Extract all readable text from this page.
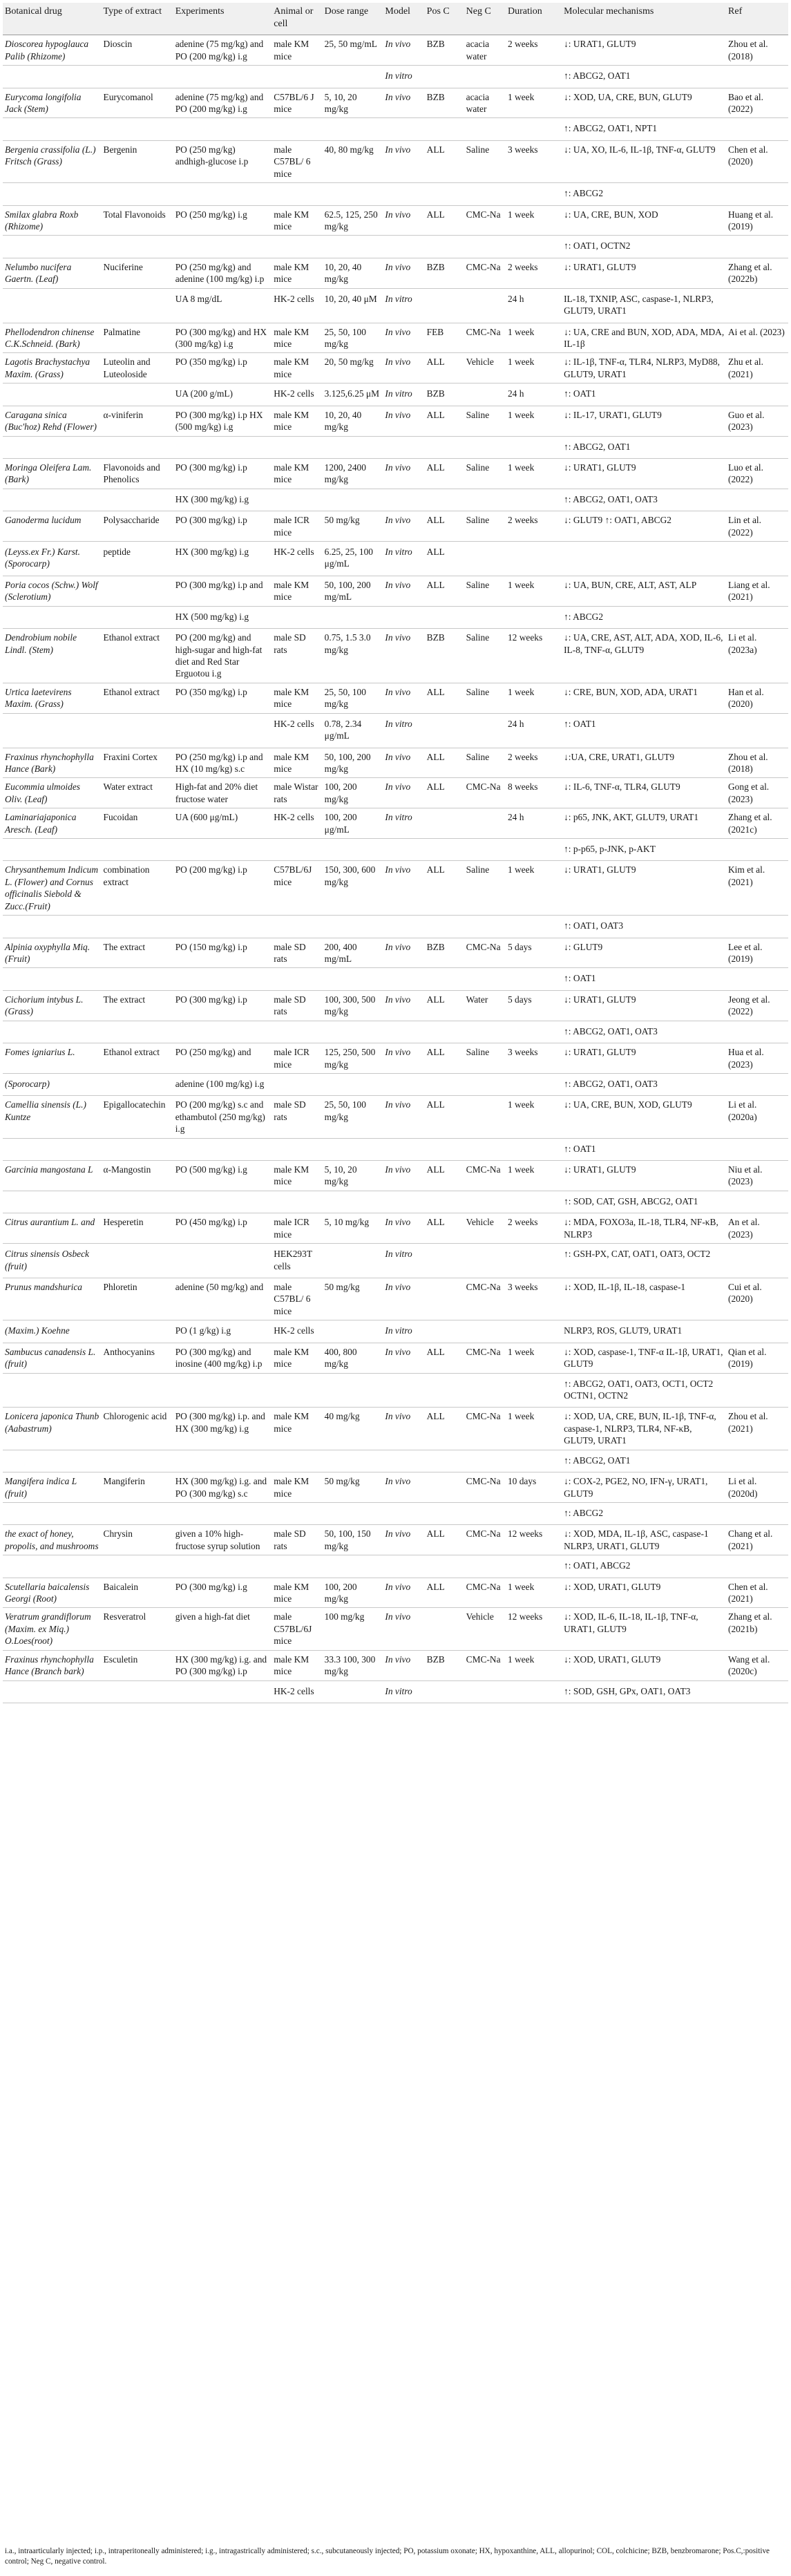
Botanical drug	Type of extract	Experiments	Animal or cell	Dose range	Model	Pos C	Neg C	Duration	Molecular mechanisms	Ref
Dioscorea hypoglauca Palib (Rhizome)	Dioscin	adenine (75 mg/kg) and PO (200 mg/kg) i.g	male KM mice	25, 50 mg/mL	In vivo	BZB	acacia water	2 weeks	↓: URAT1, GLUT9	Zhou et al. (2018)
					In vitro				↑: ABCG2, OAT1	
Eurycoma longifolia Jack (Stem)	Eurycomanol	adenine (75 mg/kg) and PO (200 mg/kg) i.g	C57BL/6 J mice	5, 10, 20 mg/kg	In vivo	BZB	acacia water	1 week	↓: XOD, UA, CRE, BUN, GLUT9	Bao et al. (2022)
									↑: ABCG2, OAT1, NPT1	
Bergenia crassifolia (L.) Fritsch (Grass)	Bergenin	PO (250 mg/kg) andhigh-glucose i.p	male C57BL/ 6 mice	40, 80 mg/kg	In vivo	ALL	Saline	3 weeks	↓: UA, XO, IL-6, IL-1β, TNF-α, GLUT9	Chen et al. (2020)
									↑: ABCG2	
Smilax glabra Roxb (Rhizome)	Total Flavonoids	PO (250 mg/kg) i.g	male KM mice	62.5, 125, 250 mg/kg	In vivo	ALL	CMC-Na	1 week	↓: UA, CRE, BUN, XOD	Huang et al. (2019)
									↑: OAT1, OCTN2	
Nelumbo nucifera Gaertn. (Leaf)	Nuciferine	PO (250 mg/kg) and adenine (100 mg/kg) i.p	male KM mice	10, 20, 40 mg/kg	In vivo	BZB	CMC-Na	2 weeks	↓: URAT1, GLUT9	Zhang et al. (2022b)
		UA 8 mg/dL	HK-2 cells	10, 20, 40 μM	In vitro			24 h	IL-18, TXNIP, ASC, caspase-1, NLRP3, GLUT9, URAT1	
Phellodendron chinense C.K.Schneid. (Bark)	Palmatine	PO (300 mg/kg) and HX (300 mg/kg) i.g	male KM mice	25, 50, 100 mg/kg	In vivo	FEB	CMC-Na	1 week	↓: UA, CRE and BUN, XOD, ADA, MDA, IL-1β	Ai et al. (2023)
Lagotis Brachystachya Maxim. (Grass)	Luteolin and Luteoloside	PO (350 mg/kg) i.p	male KM mice	20, 50 mg/kg	In vivo	ALL	Vehicle	1 week	↓: IL-1β, TNF-α, TLR4, NLRP3, MyD88, GLUT9, URAT1	Zhu et al. (2021)
		UA (200 g/mL)	HK-2 cells	3.125,6.25 μM	In vitro	BZB		24 h	↑: OAT1	
Caragana sinica (Buc'hoz) Rehd (Flower)	α-viniferin	PO (300 mg/kg) i.p HX (500 mg/kg) i.g	male KM mice	10, 20, 40 mg/kg	In vivo	ALL	Saline	1 week	↓: IL-17, URAT1, GLUT9	Guo et al. (2023)
									↑: ABCG2, OAT1	
Moringa Oleifera Lam. (Bark)	Flavonoids and Phenolics	PO (300 mg/kg) i.p	male KM mice	1200, 2400 mg/kg	In vivo	ALL	Saline	1 week	↓: URAT1, GLUT9	Luo et al. (2022)
		HX (300 mg/kg) i.g							↑: ABCG2, OAT1, OAT3	
Ganoderma lucidum	Polysaccharide	PO (300 mg/kg) i.p	male ICR mice	50 mg/kg	In vivo	ALL	Saline	2 weeks	↓: GLUT9 ↑: OAT1, ABCG2	Lin et al. (2022)
(Leyss.ex Fr.) Karst. (Sporocarp)	peptide	HX (300 mg/kg) i.g	HK-2 cells	6.25, 25, 100 μg/mL	In vitro	ALL				
Poria cocos (Schw.) Wolf (Sclerotium)		PO (300 mg/kg) i.p and	male KM mice	50, 100, 200 mg/mL	In vivo	ALL	Saline	1 week	↓: UA, BUN, CRE, ALT, AST, ALP	Liang et al. (2021)
		HX (500 mg/kg) i.g							↑: ABCG2	
Dendrobium nobile Lindl. (Stem)	Ethanol extract	PO (200 mg/kg) and high-sugar and high-fat diet and Red Star Erguotou i.g	male SD rats	0.75, 1.5 3.0 mg/kg	In vivo	BZB	Saline	12 weeks	↓: UA, CRE, AST, ALT, ADA, XOD, IL-6, IL-8, TNF-α, GLUT9	Li et al. (2023a)
Urtica laetevirens Maxim. (Grass)	Ethanol extract	PO (350 mg/kg) i.p	male KM mice	25, 50, 100 mg/kg	In vivo	ALL	Saline	1 week	↓: CRE, BUN, XOD, ADA, URAT1	Han et al. (2020)
			HK-2 cells	0.78, 2.34 μg/mL	In vitro			24 h	↑: OAT1	
Fraxinus rhynchophylla Hance (Bark)	Fraxini Cortex	PO (250 mg/kg) i.p and HX (10 mg/kg) s.c	male KM mice	50, 100, 200 mg/kg	In vivo	ALL	Saline	2 weeks	↓:UA, CRE, URAT1, GLUT9	Zhou et al. (2018)
Eucommia ulmoides Oliv. (Leaf)	Water extract	High-fat and 20% diet fructose water	male Wistar rats	100, 200 mg/kg	In vivo	ALL	CMC-Na	8 weeks	↓: IL-6, TNF-α, TLR4, GLUT9	Gong et al. (2023)
Laminariajaponica Aresch. (Leaf)	Fucoidan	UA (600 μg/mL)	HK-2 cells	100, 200 μg/mL	In vitro			24 h	↓: p65, JNK, AKT, GLUT9, URAT1	Zhang et al. (2021c)
									↑: p-p65, p-JNK, p-AKT	
Chrysanthemum Indicum L. (Flower) and Cornus officinalis Siebold & Zucc.(Fruit)	combination extract	PO (200 mg/kg) i.p	C57BL/6J mice	150, 300, 600 mg/kg	In vivo	ALL	Saline	1 week	↓: URAT1, GLUT9	Kim et al. (2021)
									↑: OAT1, OAT3	
Alpinia oxyphylla Miq. (Fruit)	The extract	PO (150 mg/kg) i.p	male SD rats	200, 400 mg/mL	In vivo	BZB	CMC-Na	5 days	↓: GLUT9	Lee et al. (2019)
									↑: OAT1	
Cichorium intybus L. (Grass)	The extract	PO (300 mg/kg) i.p	male SD rats	100, 300, 500 mg/kg	In vivo	ALL	Water	5 days	↓: URAT1, GLUT9	Jeong et al. (2022)
									↑: ABCG2, OAT1, OAT3	
Fomes igniarius L.	Ethanol extract	PO (250 mg/kg) and	male ICR mice	125, 250, 500 mg/kg	In vivo	ALL	Saline	3 weeks	↓: URAT1, GLUT9	Hua et al. (2023)
(Sporocarp)		adenine (100 mg/kg) i.g							↑: ABCG2, OAT1, OAT3	
Camellia sinensis (L.) Kuntze	Epigallocatechin	PO (200 mg/kg) s.c and ethambutol (250 mg/kg) i.g	male SD rats	25, 50, 100 mg/kg	In vivo	ALL		1 week	↓: UA, CRE, BUN, XOD, GLUT9	Li et al. (2020a)
									↑: OAT1	
Garcinia mangostana L	α-Mangostin	PO (500 mg/kg) i.g	male KM mice	5, 10, 20 mg/kg	In vivo	ALL	CMC-Na	1 week	↓: URAT1, GLUT9	Niu et al. (2023)
									↑: SOD, CAT, GSH, ABCG2, OAT1	
Citrus aurantium L. and	Hesperetin	PO (450 mg/kg) i.p	male ICR mice	5, 10 mg/kg	In vivo	ALL	Vehicle	2 weeks	↓: MDA, FOXO3a, IL-18, TLR4, NF-κB, NLRP3	An et al. (2023)
Citrus sinensis Osbeck (fruit)			HEK293T cells		In vitro				↑: GSH-PX, CAT, OAT1, OAT3, OCT2	
Prunus mandshurica	Phloretin	adenine (50 mg/kg) and	male C57BL/ 6 mice	50 mg/kg	In vivo		CMC-Na	3 weeks	↓: XOD, IL-1β, IL-18, caspase-1	Cui et al. (2020)
(Maxim.) Koehne		PO (1 g/kg) i.g	HK-2 cells		In vitro				NLRP3, ROS, GLUT9, URAT1	
Sambucus canadensis L. (fruit)	Anthocyanins	PO (300 mg/kg) and inosine (400 mg/kg) i.p	male KM mice	400, 800 mg/kg	In vivo	ALL	CMC-Na	1 week	↓: XOD, caspase-1, TNF-α IL-1β, URAT1, GLUT9	Qian et al. (2019)
									↑: ABCG2, OAT1, OAT3, OCT1, OCT2 OCTN1, OCTN2	
Lonicera japonica Thunb (Aabastrum)	Chlorogenic acid	PO (300 mg/kg) i.p. and HX (300 mg/kg) i.g	male KM mice	40 mg/kg	In vivo	ALL	CMC-Na	1 week	↓: XOD, UA, CRE, BUN, IL-1β, TNF-α, caspase-1, NLRP3, TLR4, NF-κB, GLUT9, URAT1	Zhou et al. (2021)
									↑: ABCG2, OAT1	
Mangifera indica L (fruit)	Mangiferin	HX (300 mg/kg) i.g. and PO (300 mg/kg) s.c	male KM mice	50 mg/kg	In vivo		CMC-Na	10 days	↓: COX-2, PGE2, NO, IFN-γ, URAT1, GLUT9	Li et al. (2020d)
									↑: ABCG2	
the exact of honey, propolis, and mushrooms	Chrysin	given a 10% high-fructose syrup solution	male SD rats	50, 100, 150 mg/kg	In vivo	ALL	CMC-Na	12 weeks	↓: XOD, MDA, IL-1β, ASC, caspase-1 NLRP3, URAT1, GLUT9	Chang et al. (2021)
									↑: OAT1, ABCG2	
Scutellaria baicalensis Georgi (Root)	Baicalein	PO (300 mg/kg) i.g	male KM mice	100, 200 mg/kg	In vivo	ALL	CMC-Na	1 week	↓: XOD, URAT1, GLUT9	Chen et al. (2021)
Veratrum grandiflorum (Maxim. ex Miq.) O.Loes(root)	Resveratrol	given a high-fat diet	male C57BL/6J mice	100 mg/kg	In vivo		Vehicle	12 weeks	↓: XOD, IL-6, IL-18, IL-1β, TNF-α, URAT1, GLUT9	Zhang et al. (2021b)
Fraxinus rhynchophylla Hance (Branch bark)	Esculetin	HX (300 mg/kg) i.g. and PO (300 mg/kg) i.p	male KM mice	33.3 100, 300 mg/kg	In vivo	BZB	CMC-Na	1 week	↓: XOD, URAT1, GLUT9	Wang et al. (2020c)
			HK-2 cells		In vitro				↑: SOD, GSH, GPx, OAT1, OAT3	
i.a., intraarticularly injected; i.p., intraperitoneally administered; i.g., intragastrically administered; s.c., subcutaneously injected; PO, potassium oxonate; HX, hypoxanthine, ALL, allopurinol; COL, colchicine; BZB, benzbromarone; Pos.C,:positive control; Neg C, negative control.
